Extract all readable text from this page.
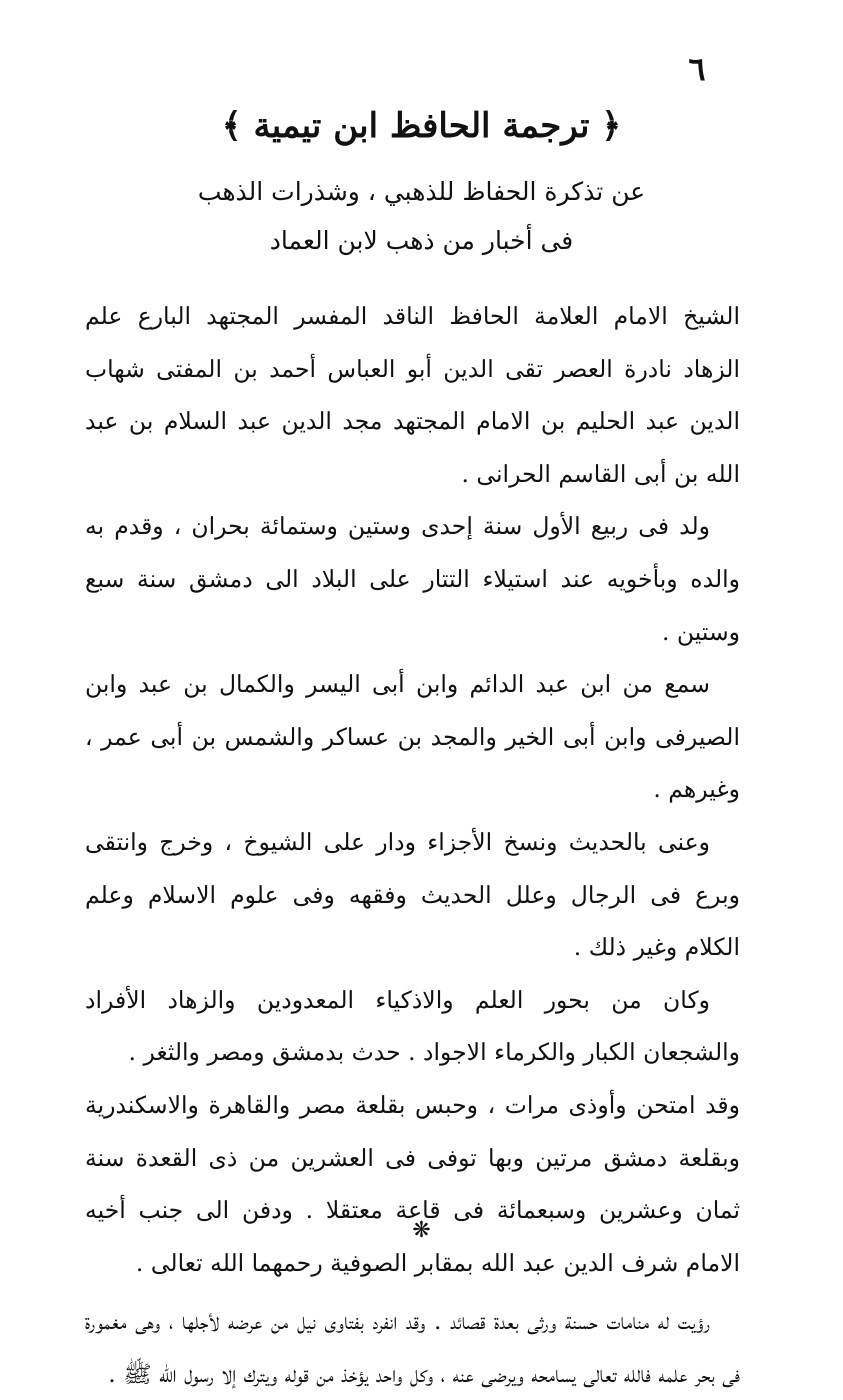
٦
﴿ ترجمة الحافظ ابن تيمية ﴾
عن تذكرة الحفاظ للذهبي ، وشذرات الذهب
فى أخبار من ذهب لابن العماد

الشيخ الامام العلامة الحافظ الناقد المفسر المجتهد البارع علم الزهاد نادرة العصر تقى الدين أبو العباس أحمد بن المفتى شهاب الدين عبد الحليم بن الامام المجتهد مجد الدين عبد السلام بن عبد الله بن أبى القاسم الحرانى .

ولد فى ربيع الأول سنة إحدى وستين وستمائة بحران ، وقدم به والده وبأخويه عند استيلاء التتار على البلاد الى دمشق سنة سبع وستين .

سمع من ابن عبد الدائم وابن أبى اليسر والكمال بن عبد وابن الصيرفى وابن أبى الخير والمجد بن عساكر والشمس بن أبى عمر ، وغيرهم .

وعنى بالحديث ونسخ الأجزاء ودار على الشيوخ ، وخرج وانتقى وبرع فى الرجال وعلل الحديث وفقهه وفى علوم الاسلام وعلم الكلام وغير ذلك .

وكان من بحور العلم والاذكياء المعدودين والزهاد الأفراد والشجعان الكبار والكرماء الاجواد . حدث بدمشق ومصر والثغر .

وقد امتحن وأوذى مرات ، وحبس بقلعة مصر والقاهرة والاسكندرية وبقلعة دمشق مرتين وبها توفى فى العشرين من ذى القعدة سنة ثمان وعشرين وسبعمائة فى قاعة معتقلا . ودفن الى جنب أخيه الامام شرف الدين عبد الله بمقابر الصوفية رحمهما الله تعالى .

رؤيت له منامات حسنة ورثى بعدة قصائد . وقد انفرد بفتاوى نيل من عرضه لأجلها ، وهى مغمورة فى بحر علمه فالله تعالى يسامحه ويرضى عنه ، وكل واحد يؤخذ من قوله ويترك إلا رسول الله ﷺ .

❋
